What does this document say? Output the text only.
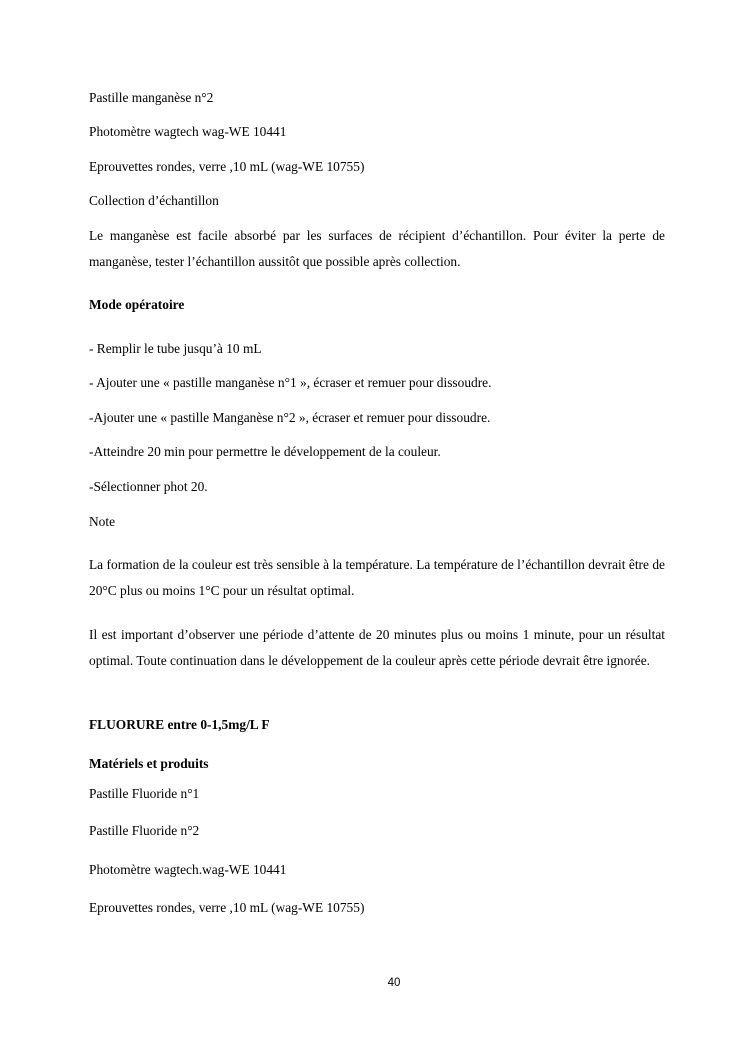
Pastille manganèse n°2
Photomètre wagtech wag-WE 10441
Eprouvettes rondes, verre ,10 mL (wag-WE 10755)
Collection d’échantillon
Le manganèse est facile absorbé par les surfaces de récipient d’échantillon. Pour éviter la perte de manganèse, tester l’échantillon aussitôt que possible après collection.
Mode opératoire
- Remplir le tube jusqu’à 10 mL
- Ajouter une « pastille manganèse n°1 », écraser et remuer pour dissoudre.
-Ajouter une « pastille Manganèse n°2 », écraser et remuer pour dissoudre.
-Atteindre 20 min pour permettre le développement de la couleur.
-Sélectionner phot 20.
Note
La formation de la couleur est très sensible à la température. La température de l’échantillon devrait être de 20°C plus ou moins 1°C pour un résultat optimal.
Il est important d’observer une période d’attente de 20 minutes plus ou moins 1 minute, pour un résultat optimal. Toute continuation dans le développement de la couleur après cette période devrait être ignorée.
FLUORURE entre 0-1,5mg/L F
Matériels et produits
Pastille Fluoride n°1
Pastille Fluoride n°2
Photomètre wagtech.wag-WE 10441
Eprouvettes rondes, verre ,10 mL (wag-WE 10755)
40
